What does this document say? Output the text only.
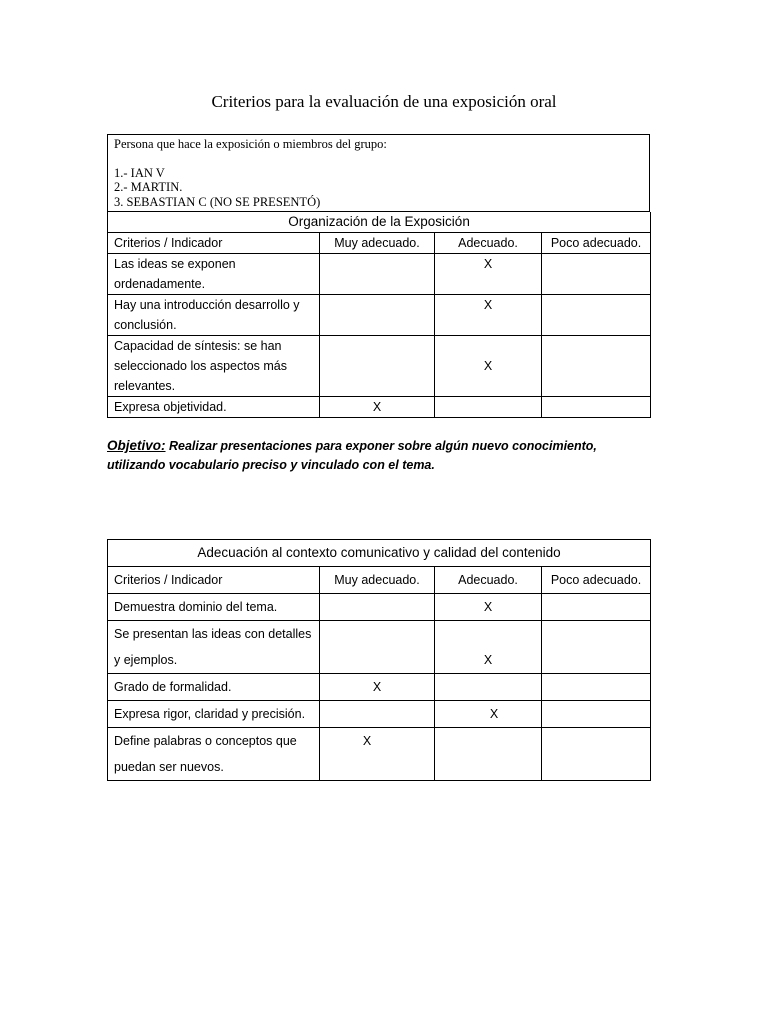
Criterios para la evaluación de una exposición oral
Persona que hace la exposición o miembros del grupo:
1.- IAN V
2.- MARTIN.
3. SEBASTIAN C (NO SE PRESENTÓ)
Organización de la Exposición			
Criterios / Indicador	Muy adecuado.	Adecuado.	Poco adecuado.
Las ideas se exponen ordenadamente.		X	
Hay una introducción desarrollo y conclusión.		X	
Capacidad de síntesis: se han seleccionado los aspectos más relevantes.		X	
Expresa objetividad.	X		
Objetivo: Realizar presentaciones para exponer sobre algún nuevo conocimiento, utilizando vocabulario preciso y vinculado con el tema.
Adecuación al contexto comunicativo y calidad del contenido			
Criterios / Indicador	Muy adecuado.	Adecuado.	Poco adecuado.
Demuestra dominio del tema.		X	
Se presentan las ideas con detalles y ejemplos.		X	
Grado de formalidad.	X		
Expresa rigor, claridad y precisión.		X	
Define palabras o conceptos que puedan ser nuevos.	X		
